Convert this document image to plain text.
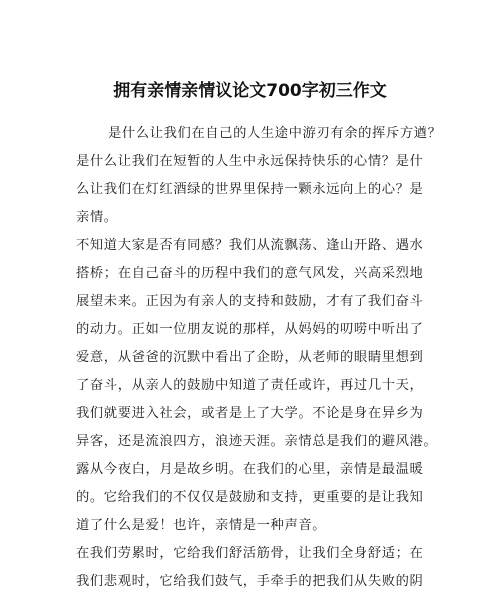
拥有亲情亲情议论文700字初三作文
是什么让我们在自己的人生途中游刃有余的挥斥方遒？
是什么让我们在短暂的人生中永远保持快乐的心情？是什
么让我们在灯红酒绿的世界里保持一颗永远向上的心？是
亲情。
不知道大家是否有同感？我们从流飘荡、逢山开路、遇水
搭桥；在自己奋斗的历程中我们的意气风发，兴高采烈地
展望未来。正因为有亲人的支持和鼓励，才有了我们奋斗
的动力。正如一位朋友说的那样，从妈妈的叨唠中听出了
爱意，从爸爸的沉默中看出了企盼，从老师的眼睛里想到
了奋斗，从亲人的鼓励中知道了责任或许，再过几十天，
我们就要进入社会，或者是上了大学。不论是身在异乡为
异客，还是流浪四方，浪迹天涯。亲情总是我们的避风港。
露从今夜白，月是故乡明。在我们的心里，亲情是最温暖
的。它给我们的不仅仅是鼓励和支持，更重要的是让我知
道了什么是爱！也许，亲情是一种声音。
在我们劳累时，它给我们舒活筋骨，让我们全身舒适；在
我们悲观时，它给我们鼓气，手牵手的把我们从失败的阴
